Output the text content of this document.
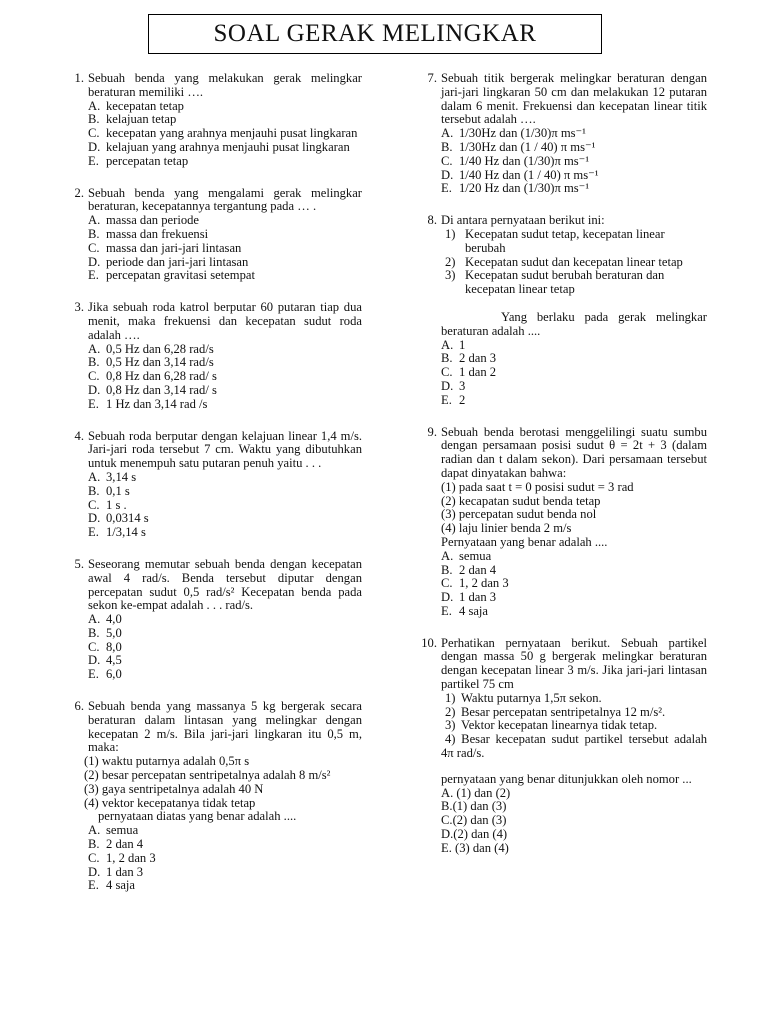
SOAL GERAK MELINGKAR
1. Sebuah benda yang melakukan gerak melingkar beraturan memiliki ….
A. kecepatan tetap
B. kelajuan tetap
C. kecepatan yang arahnya menjauhi pusat lingkaran
D. kelajuan yang arahnya menjauhi pusat lingkaran
E. percepatan tetap
2. Sebuah benda yang mengalami gerak melingkar beraturan, kecepatannya tergantung pada … .
A. massa dan periode
B. massa dan frekuensi
C. massa dan jari-jari lintasan
D. periode dan jari-jari lintasan
E. percepatan gravitasi setempat
3. Jika sebuah roda katrol berputar 60 putaran tiap dua menit, maka frekuensi dan kecepatan sudut roda adalah ….
A. 0,5 Hz dan 6,28 rad/s
B. 0,5 Hz dan 3,14 rad/s
C. 0,8 Hz dan 6,28 rad/ s
D. 0,8 Hz dan 3,14 rad/ s
E. 1 Hz dan 3,14 rad /s
4. Sebuah roda berputar dengan kelajuan linear 1,4 m/s. Jari-jari roda tersebut 7 cm. Waktu yang dibutuhkan untuk menempuh satu putaran penuh yaitu . . .
A. 3,14 s
B. 0,1 s
C. 1 s .
D. 0,0314 s
E. 1/3,14 s
5. Seseorang memutar sebuah benda dengan kecepatan awal 4 rad/s. Benda tersebut diputar dengan percepatan sudut 0,5 rad/s² Kecepatan benda pada sekon ke-empat adalah . . . rad/s.
A. 4,0
B. 5,0
C. 8,0
D. 4,5
E. 6,0
6. Sebuah benda yang massanya 5 kg bergerak secara beraturan dalam lintasan yang melingkar dengan kecepatan 2 m/s. Bila jari-jari lingkaran itu 0,5 m, maka:
(1) waktu putarnya adalah 0,5π s
(2) besar percepatan sentripetalnya adalah 8 m/s²
(3) gaya sentripetalnya adalah 40 N
(4) vektor kecepatanya tidak tetap
pernyataan diatas yang benar adalah ....
A. semua
B. 2 dan 4
C. 1, 2 dan 3
D. 1 dan 3
E. 4 saja
7. Sebuah titik bergerak melingkar beraturan dengan jari-jari lingkaran 50 cm dan melakukan 12 putaran dalam 6 menit. Frekuensi dan kecepatan linear titik tersebut adalah ….
A. 1/30Hz dan (1/30)π ms⁻¹
B. 1/30Hz dan (1 / 40) π ms⁻¹
C. 1/40 Hz dan (1/30)π ms⁻¹
D. 1/40 Hz dan (1 / 40) π ms⁻¹
E. 1/20 Hz dan (1/30)π ms⁻¹
8. Di antara pernyataan berikut ini:
1) Kecepatan sudut tetap, kecepatan linear berubah
2) Kecepatan sudut dan kecepatan linear tetap
3) Kecepatan sudut berubah beraturan dan kecepatan linear tetap
Yang berlaku pada gerak melingkar beraturan adalah ....
A. 1
B. 2 dan 3
C. 1 dan 2
D. 3
E. 2
9. Sebuah benda berotasi menggelilingi suatu sumbu dengan persamaan posisi sudut θ = 2t + 3 (dalam radian dan t dalam sekon). Dari persamaan tersebut dapat dinyatakan bahwa:
(1) pada saat t = 0 posisi sudut = 3 rad
(2) kecapatan sudut benda tetap
(3) percepatan sudut benda nol
(4) laju linier benda 2 m/s
Pernyataan yang benar adalah ....
A. semua
B. 2 dan 4
C. 1, 2 dan 3
D. 1 dan 3
E. 4 saja
10. Perhatikan pernyataan berikut. Sebuah partikel dengan massa 50 g bergerak melingkar beraturan dengan kecepatan linear 3 m/s. Jika jari-jari lintasan partikel 75 cm
1) Waktu putarnya 1,5π sekon.
2) Besar percepatan sentripetalnya 12 m/s².
3) Vektor kecepatan linearnya tidak tetap.
4) Besar kecepatan sudut partikel tersebut adalah 4π rad/s.
pernyataan yang benar ditunjukkan oleh nomor ...
A. (1) dan (2)
B.(1) dan (3)
C.(2) dan (3)
D.(2) dan (4)
E. (3) dan (4)
